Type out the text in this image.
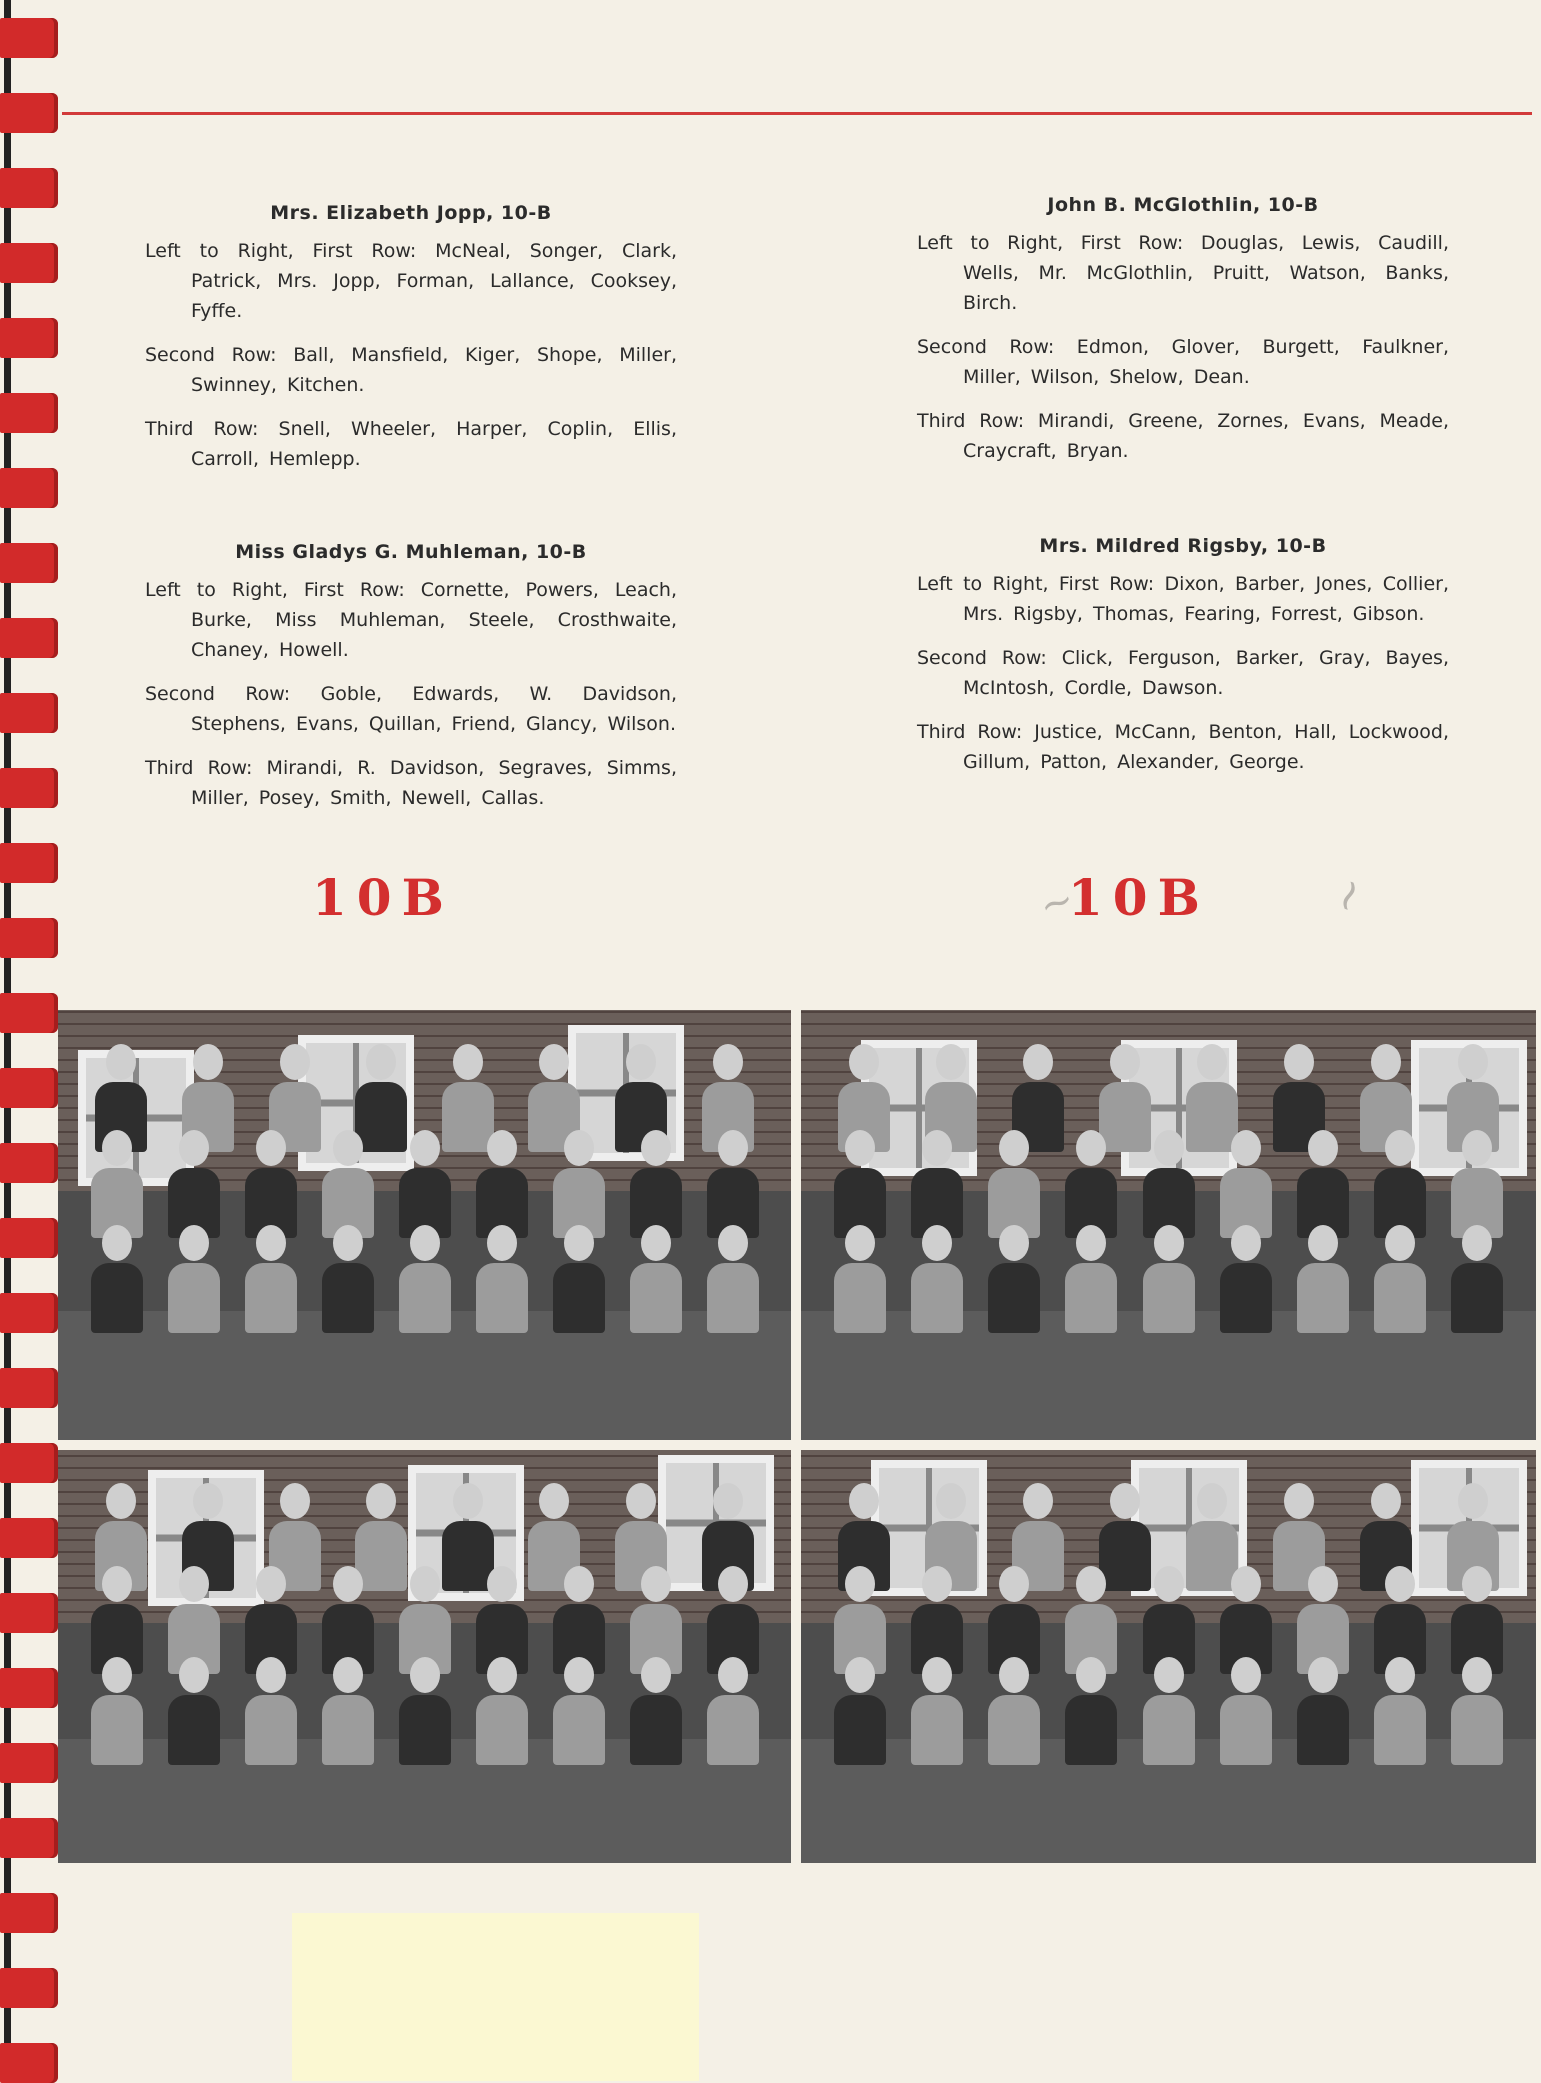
Mrs. Elizabeth Jopp, 10-B

Left to Right, First Row: McNeal, Songer, Clark, Patrick, Mrs. Jopp, Forman, Lallance, Cooksey, Fyffe.

Second Row: Ball, Mansfield, Kiger, Shope, Miller, Swinney, Kitchen.

Third Row: Snell, Wheeler, Harper, Coplin, Ellis, Carroll, Hemlepp.

John B. McGlothlin, 10-B

Left to Right, First Row: Douglas, Lewis, Caudill, Wells, Mr. McGlothlin, Pruitt, Watson, Banks, Birch.

Second Row: Edmon, Glover, Burgett, Faulkner, Miller, Wilson, Shelow, Dean.

Third Row: Mirandi, Greene, Zornes, Evans, Meade, Craycraft, Bryan.

Miss Gladys G. Muhleman, 10-B

Left to Right, First Row: Cornette, Powers, Leach, Burke, Miss Muhleman, Steele, Crosthwaite, Chaney, Howell.

Second Row: Goble, Edwards, W. Davidson, Stephens, Evans, Quillan, Friend, Glancy, Wilson.

Third Row: Mirandi, R. Davidson, Segraves, Simms, Miller, Posey, Smith, Newell, Callas.

Mrs. Mildred Rigsby, 10-B

Left to Right, First Row: Dixon, Barber, Jones, Collier, Mrs. Rigsby, Thomas, Fearing, Forrest, Gibson.

Second Row: Click, Ferguson, Barker, Gray, Bayes, McIntosh, Cordle, Dawson.

Third Row: Justice, McCann, Benton, Hall, Lockwood, Gillum, Patton, Alexander, George.

10B	10B
~	~
